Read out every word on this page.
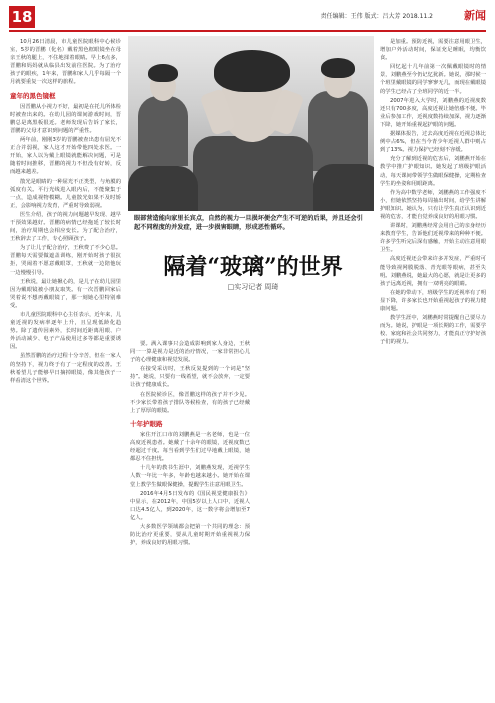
18	责任编辑：王伟 版式：吕大芳 2018.11.2	新闻

10月26日清晨，市儿童医院眼科中心候诊室，5岁的晋鹏（化名）戴着黑色框眼镜坐在母亲王秋的腿上，不住地揉着眼睛。早上6点多，晋鹏和妈妈就从临县出发前往医院。为了治疗孩子的眼疾，1年来，晋鹏和家人几乎每隔一个月就要重复一次这样的旅程。

童年的黑色镜框

因晋鹏从小视力不好，最初是在托儿所体检时被查出来的。在幼儿园的课间游戏时间，晋鹏总是离黑板很近。老师发现后告诉了家长，晋鹏的父母才意识到问题的严重性。

两年前，刚刚3岁的晋鹏被查出患有屈光不正合并弱视，家人这才开始带他四处求医。一开始，家人以为戴上眼镜就能解决问题，可是随着时间推移，晋鹏的视力不但没有好转，反而越来越差。

散光是眼睛的一种屈光不正类型，与角膜的弧度有关。平行光线进入眼内后，不能聚集于一点，造成视物模糊。儿童散光如果不及时矫正，会影响视力发育，严重时导致弱视。

医生介绍，孩子的视力问题越早发现、越早干预效果越好。晋鹏的病情已经拖延了较长时间，治疗周期也会相应变长。为了配合治疗，王秋辞去了工作，专心照顾孩子。

为了让儿子配合治疗，王秋费了不少心思。晋鹏每天需要做遮盖训练，刚开始时孩子很抗拒，哭闹着不愿意戴眼罩，王秋就一边陪他玩一边慢慢引导。

王秋说，最让她揪心的，是儿子在幼儿园里因为戴眼镜被小朋友取笑。有一次晋鹏回家后哭着说不想再戴眼镜了，那一刻她心里特别难受。

市儿童医院眼科中心主任表示，近年来，儿童近视的发病率逐年上升，且呈现低龄化趋势。除了遗传因素外，长时间近距离用眼、户外活动减少、电子产品使用过多等都是重要诱因。

虽然晋鹏的治疗过程十分辛苦，但在一家人的坚持下，视力终于有了一定程度的改善。王秋希望儿子能够早日摘掉眼镜，像其他孩子一样看清这个世界。

眼部营造能向家里长宾点，自然的视力一旦损坏便会产生不可逆的后果，并且还会引起不同程度的并发症，进一步损害眼睛，形成恶性循环。
隔着“玻璃”的世界
□实习记者 周琦

要。满入课事只会造成影响到家人身边，王秋同一一算是视力是近的治疗情况，一家非常担心儿子的心理健康和视觉发展。

在接受采访时，王秋反复提到的一个词是“坚持”。她说，只要有一线希望，就不会放弃，一定要让孩子健康成长。

在医院候诊区，像晋鹏这样的孩子并不少见。不少家长带着孩子排队等候检查，有的孩子已经戴上了厚厚的眼镜。

十年护眼路

家住开江口市的刘鹏燕是一名老师，也是一位高度近视患者。她戴了十余年的眼镜，近视度数已经超过千度。每当看到学生们过早地戴上眼镜，她都忍不住担忧。

十几年的教书生涯中，刘鹏燕发现，近视学生人数一年比一年多，年龄也越来越小。她开始在课堂上教学生做眼保健操，提醒学生注意用眼卫生。

2016年4月5日发布的《国民视觉健康报告》中显示，在2012年，中国5岁以上人口中，近视人口达4.5亿人，到2020年，这一数字将会增加至7亿人。

大多数医学领域都会把第一个共同的理念：预防比治疗更重要，要从儿童时期开始重视视力保护，养成良好的用眼习惯。

是加重。预防近视，需要注意用眼卫生，增加户外活动时间，保证充足睡眠，均衡饮食。

回忆起十几年前第一次佩戴眼镜时的情景，刘鹏燕至今仍记忆犹新。她说，那时候一个班里戴眼镜的同学寥寥无几，而现在戴眼镜的学生已经占了全班同学的近一半。

2007年进入大学时，刘鹏燕的近视度数还只有700多度，高度近视让她倍感不便。毕业后参加工作，近视度数持续加深，视力逐渐下降，她开始重视起护眼的问题。

据媒体报告，过去高度近视在近视总体比例中占6%，但在当今青少年近视人群中则占到了13%。视力保护已经刻不容缓。

充分了解到近视的危害后，刘鹏燕开始在教学中推广护眼知识。她发起了班级护眼活动，每天课间带领学生做眼保健操，定期检查学生的坐姿和用眼距离。

作为高中数学老师，刘鹏燕的工作强度不小，但她依然坚持每周抽出时间，给学生讲解护眼知识。她认为，只有让学生真正认识到近视的危害，才能自觉养成良好的用眼习惯。

讲课时，刘鹏燕经常会用自己的亲身经历来教育学生，告诉他们近视带来的种种不便。许多学生听完后深有感触，开始主动注意用眼卫生。

高度近视还会带来许多并发症，严重时可能导致视网膜脱落、青光眼等眼病，甚至失明。刘鹏燕说，她最大的心愿，就是让更多的孩子远离近视，拥有一双明亮的眼睛。

在她的带动下，班级学生的近视率有了明显下降，许多家长也开始重视起孩子的视力健康问题。

教学生涯中，刘鹏燕时常提醒自己要尽力而为。她说，护眼是一项长期的工作，需要学校、家庭和社会共同努力，才能真正守护好孩子们的视力。
